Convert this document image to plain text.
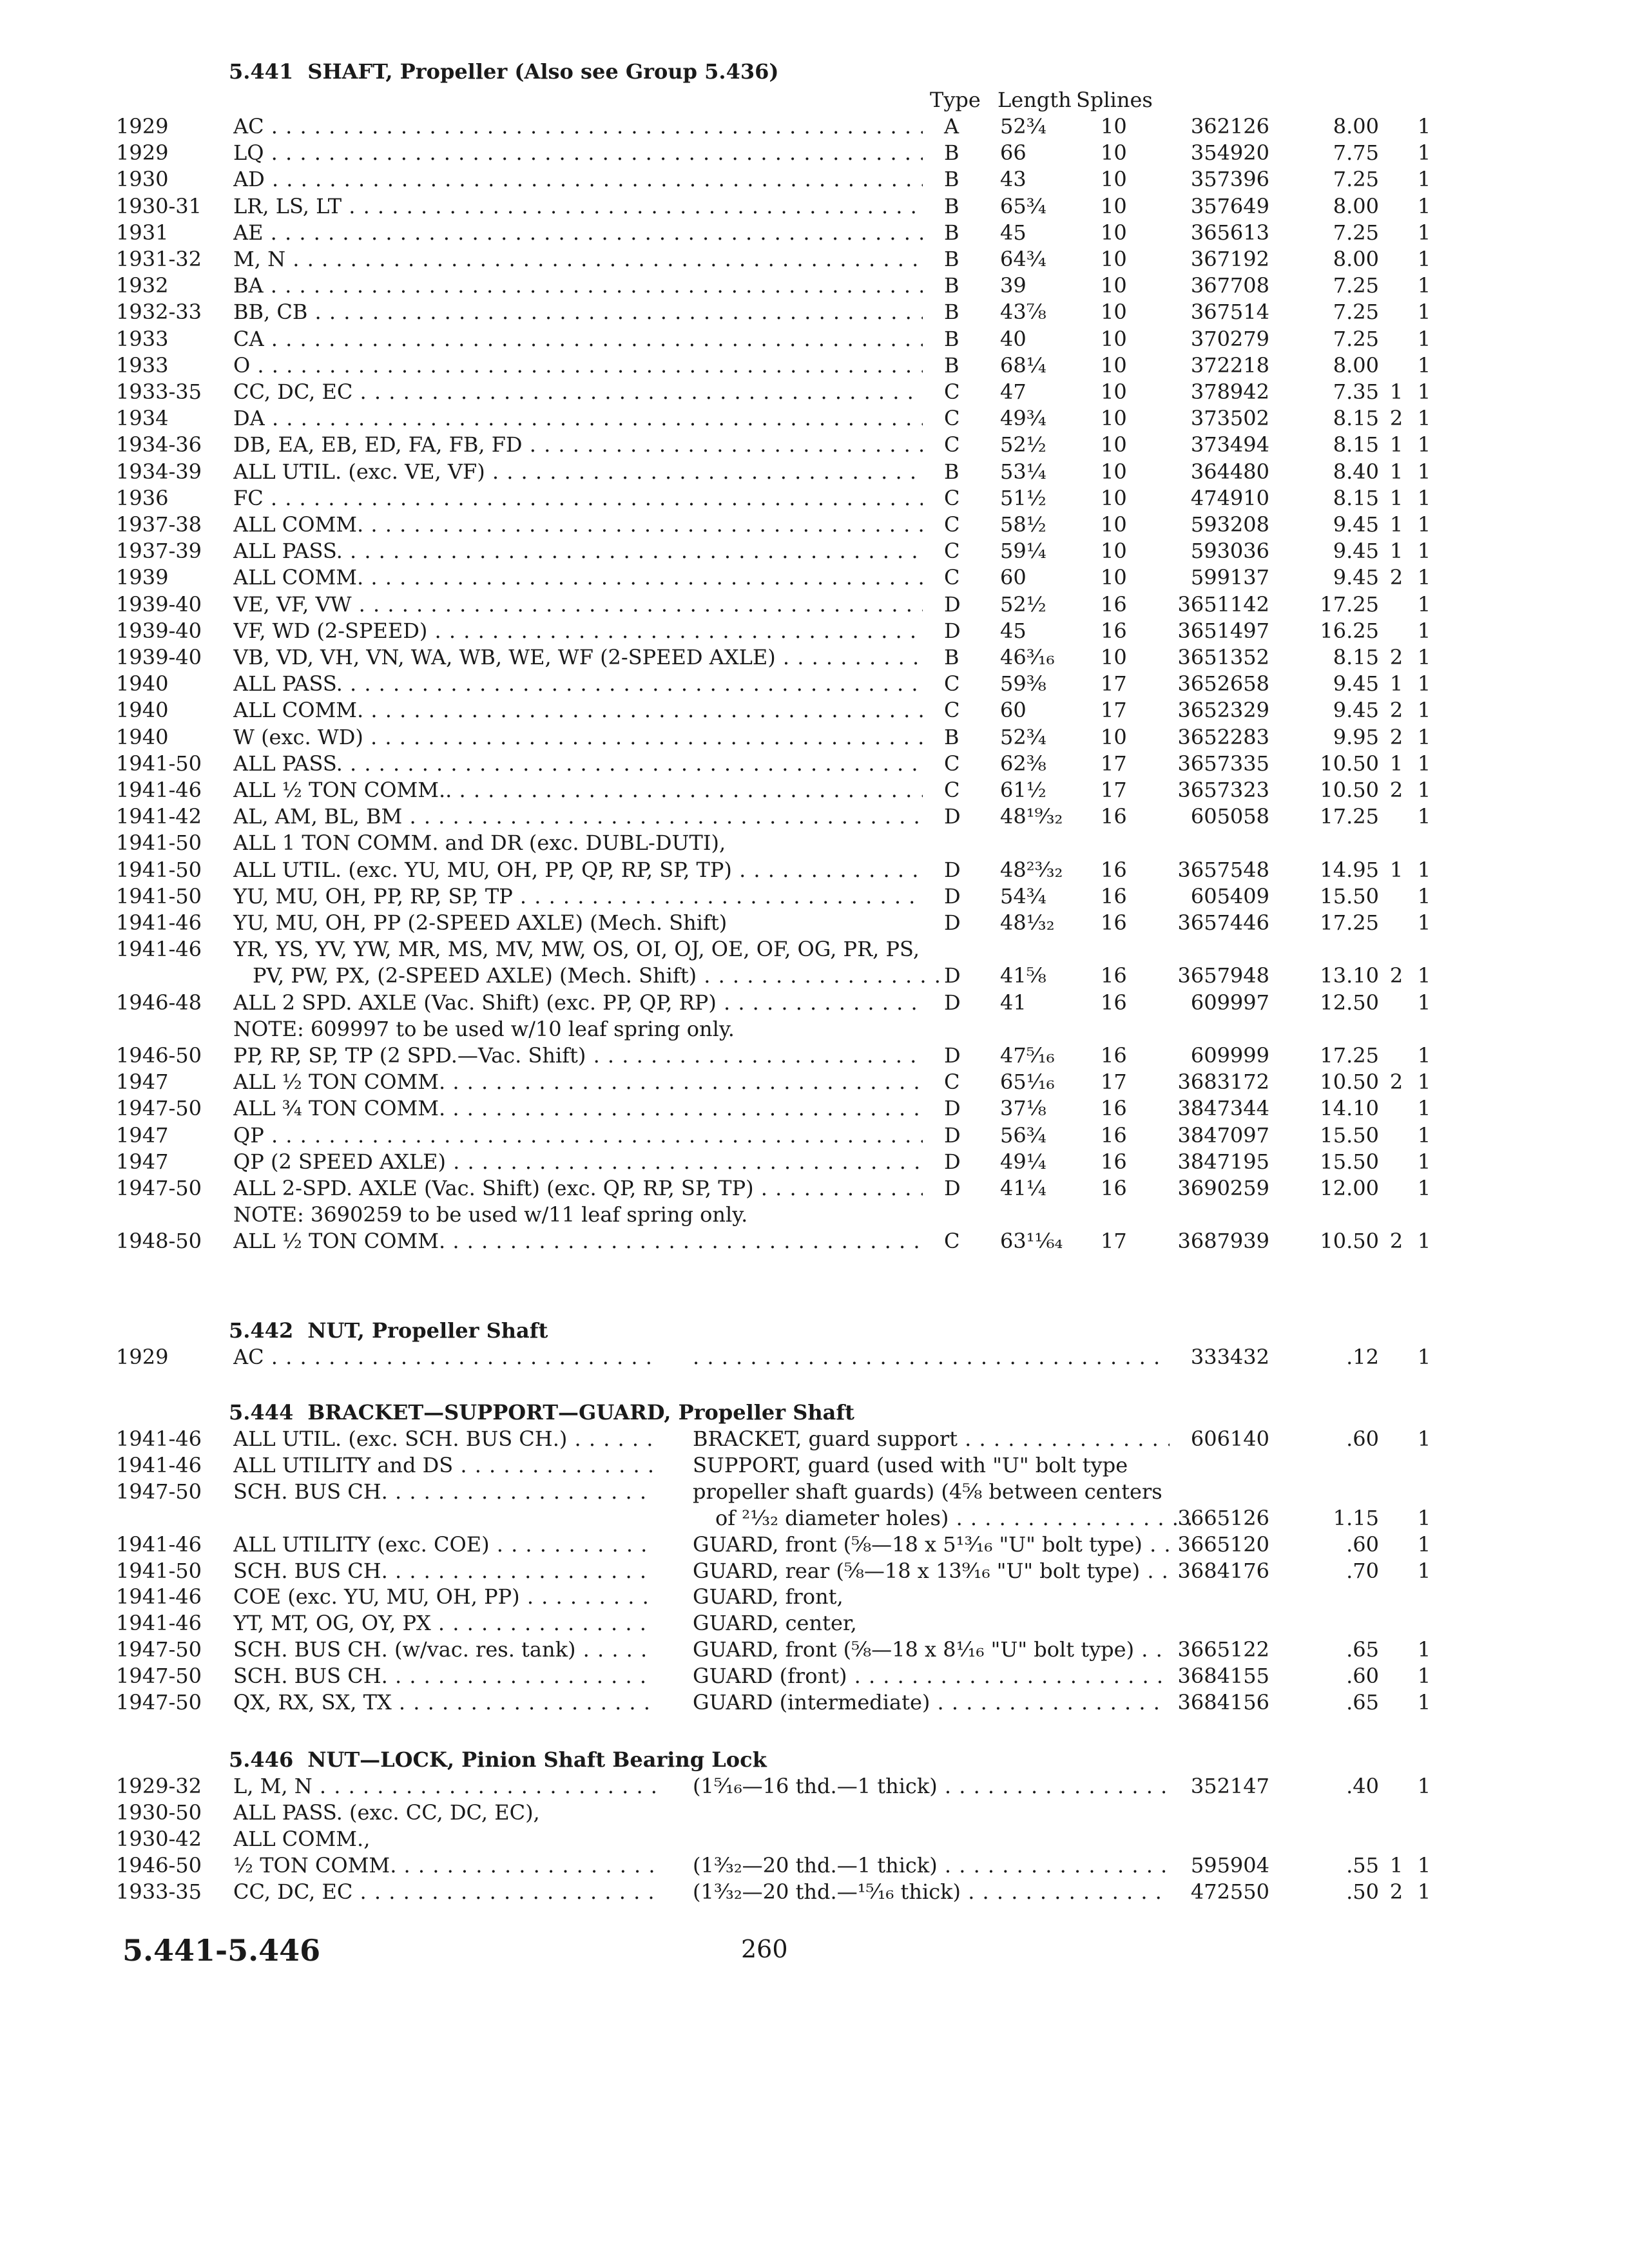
5.441 SHAFT, Propeller (Also see Group 5.436)
Type Length Splines
1929	AC . . .	A 52¾	10	362126	8.00 1
1929	LQ . . .	B 66	10	354920	7.75 1
1930	AD . . .	B 43	10	357396	7.25 1
1930-31 LR, LS, LT . . .	B 65¾	10	357649	8.00 1
1931	AE . . .	B 45	10	365613	7.25 1
1931-32 M, N . . .	B 64¾	10	367192	8.00 1
1932	BA . . .	B 39	10	367708	7.25 1
1932-33 BB, CB . . .	B 43⅞	10	367514	7.25 1
1933	CA . . .	B 40	10	370279	7.25 1
1933	O . . .	B 68¼	10	372218	8.00 1
1933-35 CC, DC, EC . . .	C 47	10	378942	7.35 1 1
1934	DA . . .	C 49¾	10	373502	8.15 2 1
1934-36 DB, EA, EB, ED, FA, FB, FD . . .	C 52½	10	373494	8.15 1 1
1934-39 ALL UTIL. (exc. VE, VF) . . .	B 53¼	10	364480	8.40 1 1
1936	FC . . .	C 51½	10	474910	8.15 1 1
1937-38 ALL COMM. . . .	C 58½	10	593208	9.45 1 1
1937-39 ALL PASS. . . .	C 59¼	10	593036	9.45 1 1
1939	ALL COMM. . . .	C 60	10	599137	9.45 2 1
1939-40 VE, VF, VW . . .	D 52½	16 3651142	17.25 1
1939-40 VF, WD (2-SPEED) . . .	D 45	16 3651497	16.25 1
1939-40 VB, VD, VH, VN, WA, WB, WE, WF (2-SPEED AXLE) . . .	B 46³⁄₁₆ 10 3651352	8.15 2 1
1940	ALL PASS. . . .	C 59⅜	17 3652658	9.45 1 1
1940	ALL COMM. . . .	C 60	17 3652329	9.45 2 1
1940	W (exc. WD) . . .	B 52¾	10 3652283	9.95 2 1
1941-50 ALL PASS. . . .	C 62⅜	17 3657335	10.50 1 1
1941-46 ALL ½ TON COMM.. . . .	C 61½	17 3657323	10.50 2 1
1941-42 AL, AM, BL, BM . . .	D 48¹⁹⁄₃₂ 16	605058	17.25 1
1941-50 ALL 1 TON COMM. and DR (exc. DUBL-DUTI),
1941-50 ALL UTIL. (exc. YU, MU, OH, PP, QP, RP, SP, TP) . . .	D 48²³⁄₃₂ 16 3657548	14.95 1 1
1941-50 YU, MU, OH, PP, RP, SP, TP . . .	D 54¾	16	605409	15.50 1
1941-46 YU, MU, OH, PP (2-SPEED AXLE) (Mech. Shift)	D 48¹⁄₃₂ 16 3657446	17.25 1
1941-46 YR, YS, YV, YW, MR, MS, MV, MW, OS, OI, OJ, OE, OF, OG, PR, PS,
PV, PW, PX, (2-SPEED AXLE) (Mech. Shift) . . .	D 41⅝	16 3657948	13.10 2 1
1946-48 ALL 2 SPD. AXLE (Vac. Shift) (exc. PP, QP, RP) . . .	D 41	16	609997	12.50 1
NOTE: 609997 to be used w/10 leaf spring only.
1946-50 PP, RP, SP, TP (2 SPD.—Vac. Shift) . . .	D 47⁵⁄₁₆ 16	609999	17.25 1
1947	ALL ½ TON COMM. . . .	C 65¹⁄₁₆ 17 3683172	10.50 2 1
1947-50 ALL ¾ TON COMM. . . .	D 37⅛	16 3847344	14.10 1
1947	QP . . .	D 56¾	16 3847097	15.50 1
1947	QP (2 SPEED AXLE) . . .	D 49¼	16 3847195	15.50 1
1947-50 ALL 2-SPD. AXLE (Vac. Shift) (exc. QP, RP, SP, TP) . . .	D 41¼	16 3690259	12.00 1
NOTE: 3690259 to be used w/11 leaf spring only.
1948-50 ALL ½ TON COMM. . . .	C 63¹¹⁄₆₄ 17 3687939	10.50 2 1
5.442 NUT, Propeller Shaft
1929	AC . . .
. . .	333432	.12 1
5.444 BRACKET—SUPPORT—GUARD, Propeller Shaft
1941-46 ALL UTIL. (exc. SCH. BUS CH.) . . .	BRACKET, guard support . . .	606140	.60 1
1941-46 ALL UTILITY and DS . . .	SUPPORT, guard (used with "U" bolt type
1947-50 SCH. BUS CH. . . .	propeller shaft guards) (4⅝ between centers
of ²¹⁄₃₂ diameter holes) . . .	3665126	1.15 1
1941-46 ALL UTILITY (exc. COE) . . .	GUARD, front (⅝—18 x 5¹³⁄₁₆ "U" bolt type) . . .	3665120	.60 1
1941-50 SCH. BUS CH. . . .	GUARD, rear (⅝—18 x 13⁹⁄₁₆ "U" bolt type) . . .	3684176	.70 1
1941-46 COE (exc. YU, MU, OH, PP) . . .	GUARD, front,
1941-46 YT, MT, OG, OY, PX . . .	GUARD, center,
1947-50 SCH. BUS CH. (w/vac. res. tank) . . .	GUARD, front (⅝—18 x 8¹⁄₁₆ "U" bolt type) . . .	3665122	.65 1
1947-50 SCH. BUS CH. . . .	GUARD (front) . . .	3684155	.60 1
1947-50 QX, RX, SX, TX . . .	GUARD (intermediate) . . .	3684156	.65 1
5.446 NUT—LOCK, Pinion Shaft Bearing Lock
1929-32 L, M, N . . .	(1⁵⁄₁₆—16 thd.—1 thick) . . .	352147	.40 1
1930-50 ALL PASS. (exc. CC, DC, EC),
1930-42 ALL COMM.,
1946-50 ½ TON COMM. . . .	(1³⁄₃₂—20 thd.—1 thick) . . .	595904	.55 1 1
1933-35 CC, DC, EC . . .	(1³⁄₃₂—20 thd.—¹⁵⁄₁₆ thick) . . .	472550	.50 2 1
5.441-5.446	260
